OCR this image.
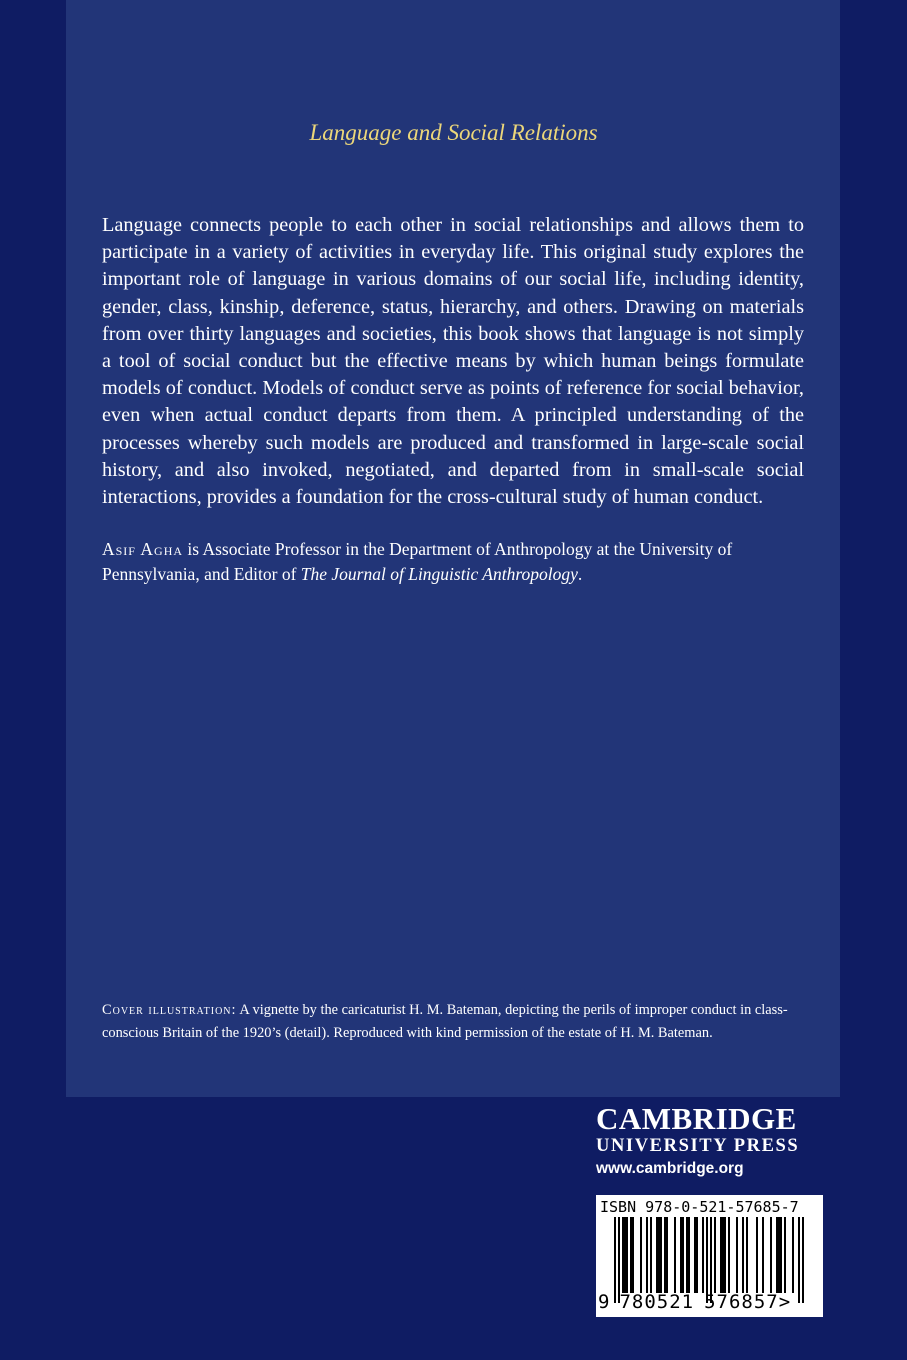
Language and Social Relations

Language connects people to each other in social relationships and allows them to participate in a variety of activities in everyday life. This original study explores the important role of language in various domains of our social life, including identity, gender, class, kinship, deference, status, hierarchy, and others. Drawing on materials from over thirty languages and societies, this book shows that language is not simply a tool of social conduct but the effective means by which human beings formulate models of conduct. Models of conduct serve as points of reference for social behavior, even when actual conduct departs from them. A principled understanding of the processes whereby such models are produced and transformed in large-scale social history, and also invoked, negotiated, and departed from in small-scale social interactions, provides a foundation for the cross-cultural study of human conduct.

Asif Agha is Associate Professor in the Department of Anthropology at the University of Pennsylvania, and Editor of The Journal of Linguistic Anthropology.

Cover illustration: A vignette by the caricaturist H. M. Bateman, depicting the perils of improper conduct in class-conscious Britain of the 1920’s (detail). Reproduced with kind permission of the estate of H. M. Bateman.

CAMBRIDGE
UNIVERSITY PRESS
www.cambridge.org
ISBN 978-0-521-57685-7
9 780521 576857>
